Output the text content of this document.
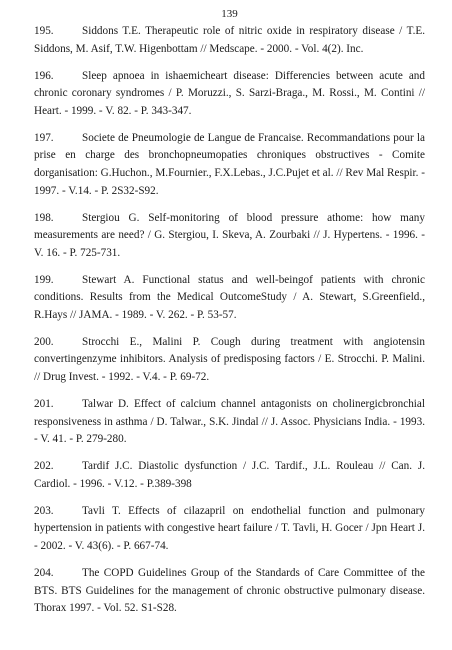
139
195.	Siddons T.E. Therapeutic role of nitric oxide in respiratory disease / T.E. Siddons, M. Asif, T.W. Higenbottam // Medscape. - 2000. - Vol. 4(2). Inc.
196.	Sleep apnoea in ishaemicheart disease: Differencies between acute and chronic coronary syndromes / P. Moruzzi., S. Sarzi-Braga., M. Rossi., M. Contini // Heart. - 1999. - V. 82. - P. 343-347.
197.	Societe de Pneumologie de Langue de Francaise. Recommandations pour la prise en charge des bronchopneumopaties chroniques obstructives - Comite dorganisation: G.Huchon., M.Fournier., F.X.Lebas., J.C.Pujet et al. // Rev Mal Respir. - 1997. - V.14. - P. 2S32-S92.
198.	Stergiou G. Self-monitoring of blood pressure athome: how many measurements are need? / G. Stergiou, I. Skeva, A. Zourbaki // J. Hypertens. - 1996. - V. 16. - P. 725-731.
199.	Stewart A. Functional status and well-beingof patients with chronic conditions. Results from the Medical OutcomeStudy / A. Stewart, S.Greenfield., R.Hays // JAMA. - 1989. - V. 262. - P. 53-57.
200.	Strocchi E., Malini P. Cough during treatment with angiotensin convertingenzyme inhibitors. Analysis of predisposing factors / E. Strocchi. P. Malini. // Drug Invest. - 1992. - V.4. - P. 69-72.
201.	Talwar D. Effect of calcium channel antagonists on cholinergicbronchial responsiveness in asthma / D. Talwar., S.K. Jindal // J. Assoc. Physicians India. - 1993. - V. 41. - P. 279-280.
202.	Tardif J.C. Diastolic dysfunction / J.C. Tardif., J.L. Rouleau // Can. J. Cardiol. - 1996. - V.12. - P.389-398
203.	Tavli T. Effects of cilazapril on endothelial function and pulmonary hypertension in patients with congestive heart failure / T. Tavli, H. Gocer / Jpn Heart J. - 2002. - V. 43(6). - P. 667-74.
204.	The COPD Guidelines Group of the Standards of Care Committee of the BTS. BTS Guidelines for the management of chronic obstructive pulmonary disease. Thorax 1997. - Vol. 52. S1-S28.
